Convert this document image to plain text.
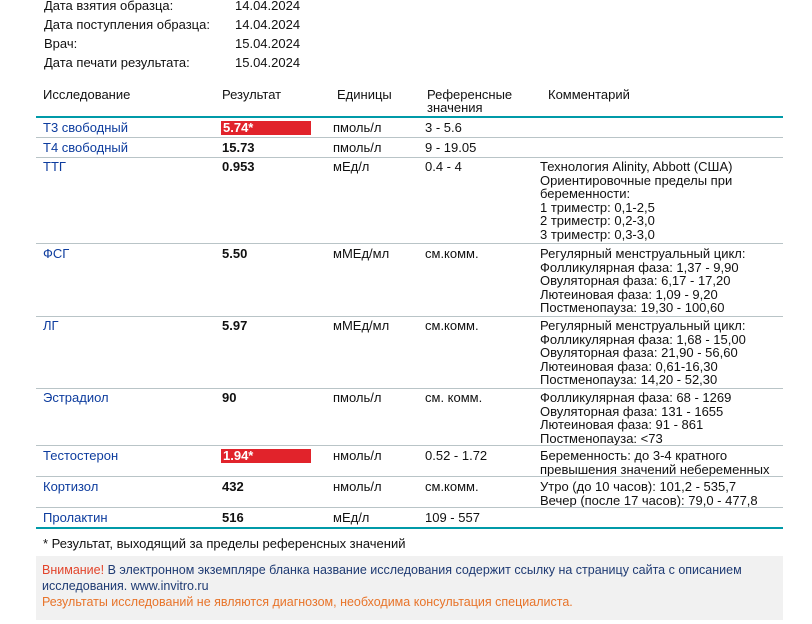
Дата взятия образца:	14.04.2024
Дата поступления образца: 14.04.2024
Врач:	15.04.2024
Дата печати результата:	15.04.2024
Исследование	Результат	Единицы	Референсные
значения
Комментарий
Т3 свободный	5.74*	пмоль/л	3 - 5.6
Т4 свободный	15.73	пмоль/л	9 - 19.05
ТТГ	0.953	мЕд/л	0.4 - 4	Технология Alinity, Abbott (США)
Ориентировочные пределы при
беременности:
1 триместр: 0,1-2,5
2 триместр: 0,2-3,0
3 триместр: 0,3-3,0
ФСГ	5.50	мМЕд/мл	см.комм.	Регулярный менструальный цикл:
Фолликулярная фаза: 1,37 - 9,90
Овуляторная фаза: 6,17 - 17,20
Лютеиновая фаза: 1,09 - 9,20
Постменопауза: 19,30 - 100,60
ЛГ	5.97	мМЕд/мл	см.комм.	Регулярный менструальный цикл:
Фолликулярная фаза: 1,68 - 15,00
Овуляторная фаза: 21,90 - 56,60
Лютеиновая фаза: 0,61-16,30
Постменопауза: 14,20 - 52,30
Эстрадиол	90	пмоль/л	см. комм.	Фолликулярная фаза: 68 - 1269
Овуляторная фаза: 131 - 1655
Лютеиновая фаза: 91 - 861
Постменопауза: <73
Тестостерон	1.94*	нмоль/л	0.52 - 1.72	Беременность: до 3-4 кратного
превышения значений небеременных
Кортизол	432	нмоль/л	см.комм.	Утро (до 10 часов): 101,2 - 535,7
Вечер (после 17 часов): 79,0 - 477,8
Пролактин	516	мЕд/л	109 - 557
* Результат, выходящий за пределы референсных значений
Внимание! В электронном экземпляре бланка название исследования содержит ссылку на страницу сайта с описанием исследования. www.invitro.ru
Результаты исследований не являются диагнозом, необходима консультация специалиста.
